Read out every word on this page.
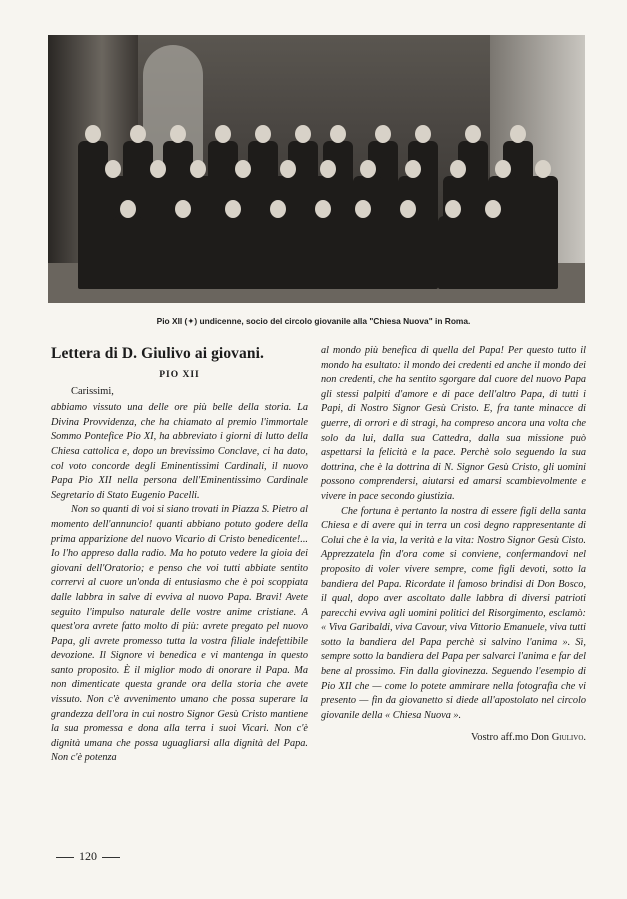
Pio XII (✦) undicenne, socio del circolo giovanile alla "Chiesa Nuova" in Roma.
Lettera di D. Giulivo ai giovani.
PIO XII
Carissimi,

abbiamo vissuto una delle ore più belle della storia. La Divina Provvidenza, che ha chiamato al premio l'immortale Sommo Pontefice Pio XI, ha abbreviato i giorni di lutto della Chiesa cattolica e, dopo un brevissimo Conclave, ci ha dato, col voto concorde degli Eminentissimi Cardinali, il nuovo Papa Pio XII nella persona dell'Eminentissimo Cardinale Segretario di Stato Eugenio Pacelli.

Non so quanti di voi si siano trovati in Piazza S. Pietro al momento dell'annuncio! quanti abbiano potuto godere della prima apparizione del nuovo Vicario di Cristo benedicente!... Io l'ho appreso dalla radio. Ma ho potuto vedere la gioia dei giovani dell'Oratorio; e penso che voi tutti abbiate sentito corrervi al cuore un'onda di entusiasmo che è poi scoppiata dalle labbra in salve di evviva al nuovo Papa. Bravi! Avete seguito l'impulso naturale delle vostre anime cristiane. A quest'ora avrete fatto molto di più: avrete pregato pel nuovo Papa, gli avrete promesso tutta la vostra filiale indefettibile devozione. Il Signore vi benedica e vi mantenga in questo santo proposito. È il miglior modo di onorare il Papa. Ma non dimenticate questa grande ora della storia che avete vissuto. Non c'è avvenimento umano che possa superare la grandezza dell'ora in cui nostro Signor Gesù Cristo mantiene la sua promessa e dona alla terra i suoi Vicari. Non c'è dignità umana che possa uguagliarsi alla dignità del Papa. Non c'è potenza

al mondo più benefica di quella del Papa! Per questo tutto il mondo ha esultato: il mondo dei credenti ed anche il mondo dei non credenti, che ha sentito sgorgare dal cuore del nuovo Papa gli stessi palpiti d'amore e di pace dell'altro Papa, di tutti i Papi, di Nostro Signor Gesù Cristo. E, fra tante minacce di guerre, di orrori e di stragi, ha compreso ancora una volta che solo da lui, dalla sua Cattedra, dalla sua missione può aspettarsi la felicità e la pace. Perchè solo seguendo la sua dottrina, che è la dottrina di N. Signor Gesù Cristo, gli uomini possono comprendersi, aiutarsi ed amarsi scambievolmente e vivere in pace secondo giustizia.

Che fortuna è pertanto la nostra di essere figli della santa Chiesa e di avere qui in terra un così degno rappresentante di Colui che è la via, la verità e la vita: Nostro Signor Gesù Cisto. Apprezzatela fin d'ora come si conviene, confermandovi nel proposito di voler vivere sempre, come figli devoti, sotto la bandiera del Papa. Ricordate il famoso brindisi di Don Bosco, il qual, dopo aver ascoltato dalle labbra di diversi patrioti parecchi evviva agli uomini politici del Risorgimento, esclamò: « Viva Garibaldi, viva Cavour, viva Vittorio Emanuele, viva tutti sotto la bandiera del Papa perchè si salvino l'anima ». Sì, sempre sotto la bandiera del Papa per salvarci l'anima e far del bene al prossimo. Fin dalla giovinezza. Seguendo l'esempio di Pio XII che — come lo potete ammirare nella fotografia che vi presento — fin da giovanetto si diede all'apostolato nel circolo giovanile della « Chiesa Nuova ».

Vostro aff.mo Don Giulivo.
120
